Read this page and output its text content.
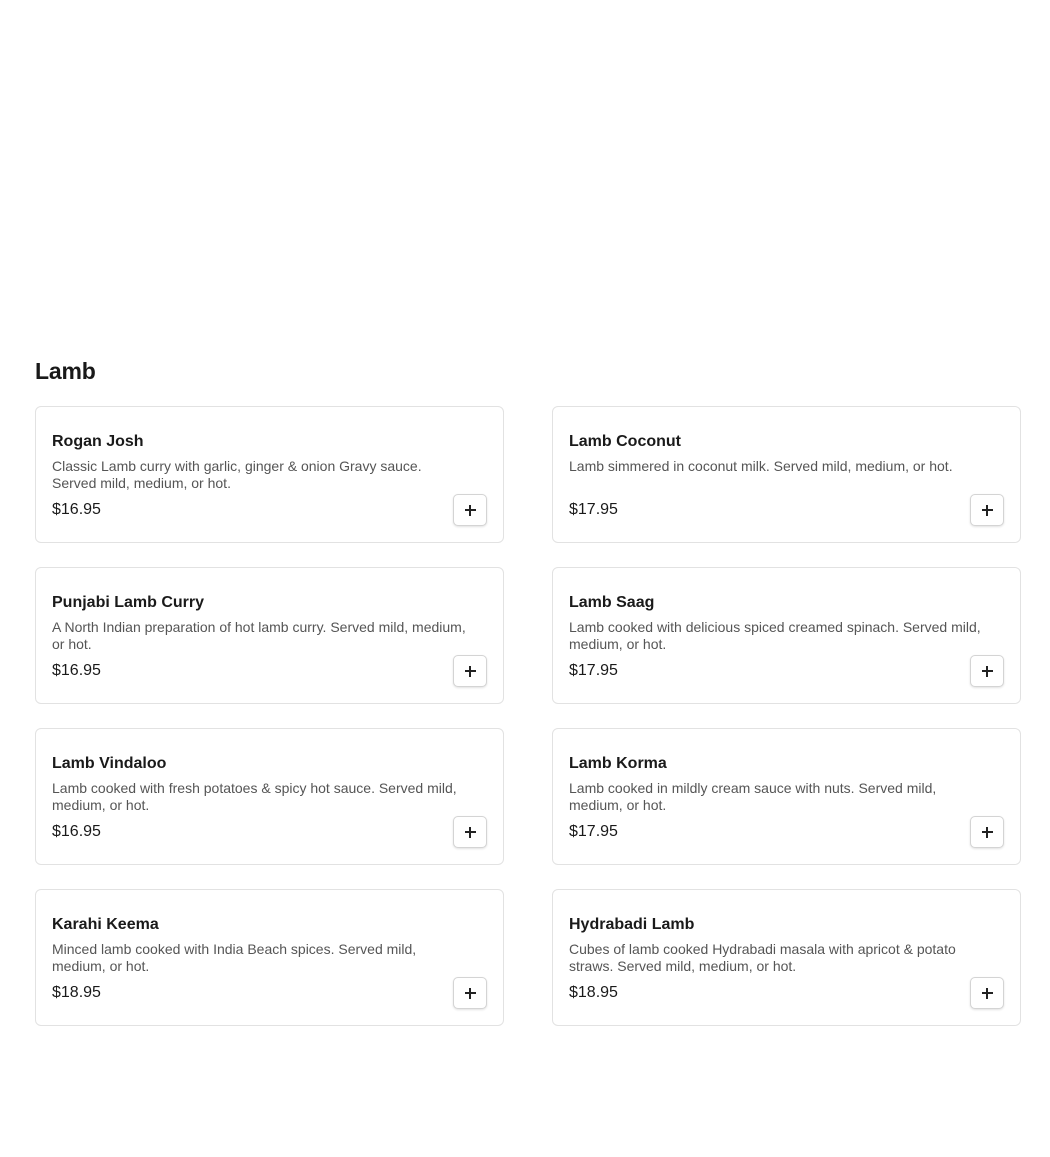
Lamb
Rogan Josh
Classic Lamb curry with garlic, ginger & onion Gravy sauce. Served mild, medium, or hot.
$16.95
Lamb Coconut
Lamb simmered in coconut milk. Served mild, medium, or hot.
$17.95
Punjabi Lamb Curry
A North Indian preparation of hot lamb curry. Served mild, medium, or hot.
$16.95
Lamb Saag
Lamb cooked with delicious spiced creamed spinach. Served mild, medium, or hot.
$17.95
Lamb Vindaloo
Lamb cooked with fresh potatoes & spicy hot sauce. Served mild, medium, or hot.
$16.95
Lamb Korma
Lamb cooked in mildly cream sauce with nuts. Served mild, medium, or hot.
$17.95
Karahi Keema
Minced lamb cooked with India Beach spices. Served mild, medium, or hot.
$18.95
Hydrabadi Lamb
Cubes of lamb cooked Hydrabadi masala with apricot & potato straws. Served mild, medium, or hot.
$18.95
